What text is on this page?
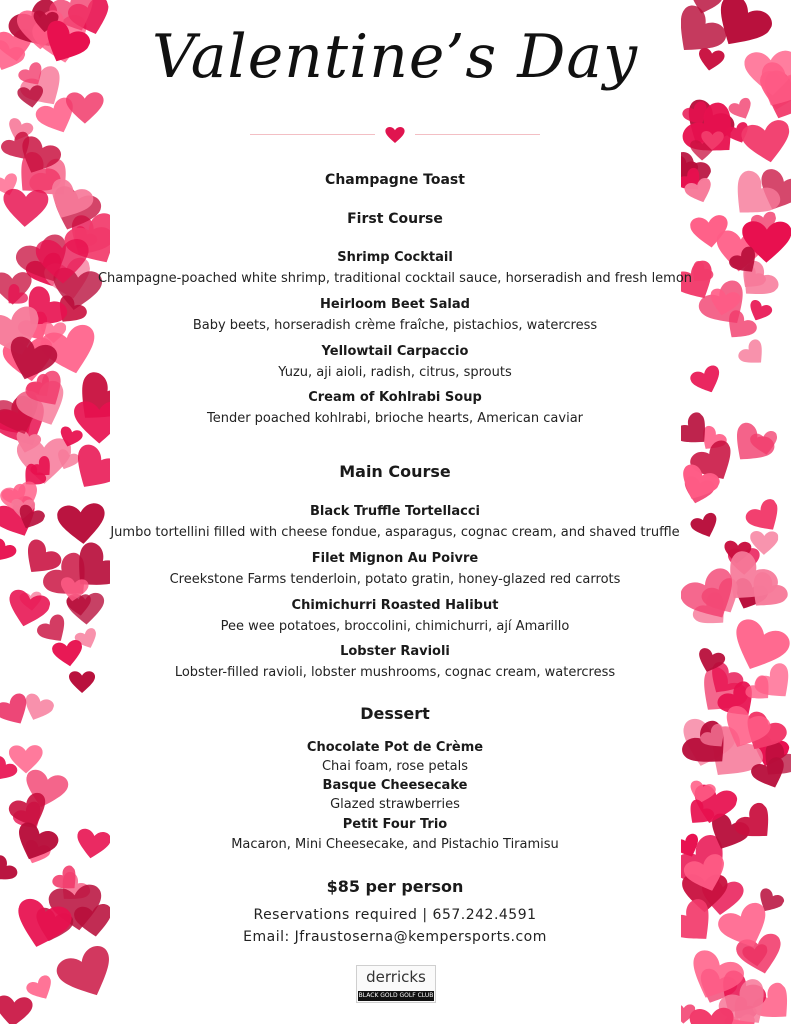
Valentine’s Day
Champagne Toast
First Course
Shrimp Cocktail
Champagne-poached white shrimp, traditional cocktail sauce, horseradish and fresh lemon
Heirloom Beet Salad
Baby beets, horseradish crème fraîche, pistachios, watercress
Yellowtail Carpaccio
Yuzu, aji aioli, radish, citrus, sprouts
Cream of Kohlrabi Soup
Tender poached kohlrabi, brioche hearts, American caviar
Main Course
Black Truffle Tortellacci
Jumbo tortellini filled with cheese fondue, asparagus, cognac cream, and shaved truffle
Filet Mignon Au Poivre
Creekstone Farms tenderloin, potato gratin, honey-glazed red carrots
Chimichurri Roasted Halibut
Pee wee potatoes, broccolini, chimichurri, ají Amarillo
Lobster Ravioli
Lobster-filled ravioli, lobster mushrooms, cognac cream, watercress
Dessert
Chocolate Pot de Crème
Chai foam, rose petals
Basque Cheesecake
Glazed strawberries
Petit Four Trio
Macaron, Mini Cheesecake, and Pistachio Tiramisu
$85 per person
Reservations required | 657.242.4591
Email: Jfraustoserna@kempersports.com
derricks
BLACK GOLD GOLF CLUB
